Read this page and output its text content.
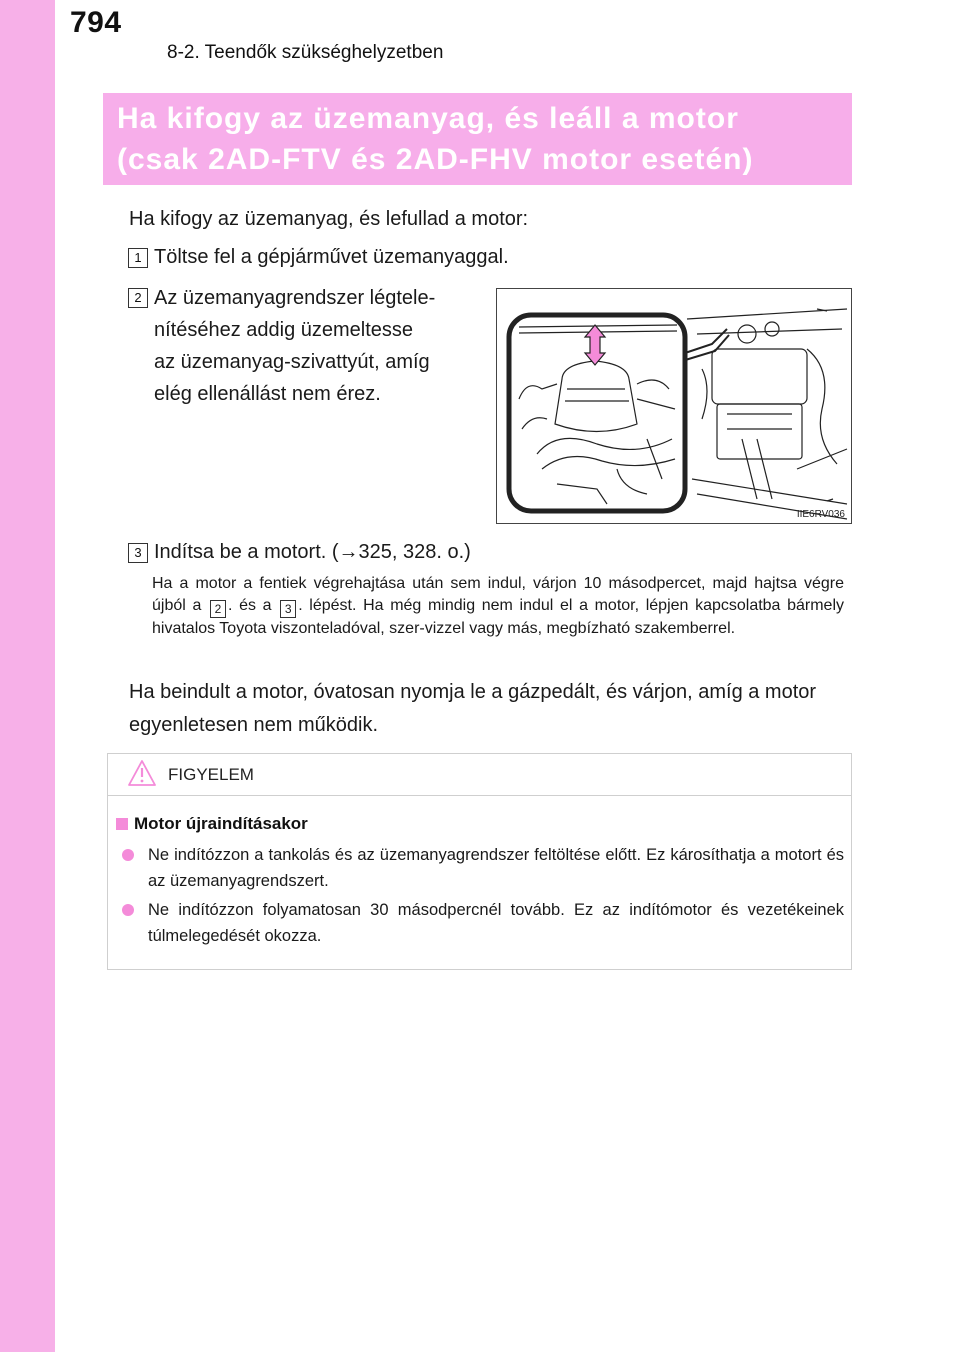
794
8-2. Teendők szükséghelyzetben
Ha kifogy az üzemanyag, és leáll a motor
(csak 2AD-FTV és 2AD-FHV motor esetén)
Ha kifogy az üzemanyag, és lefullad a motor:
1 Töltse fel a gépjárművet üzemanyaggal.
2 Az üzemanyagrendszer légtele-
nítéséhez addig üzemeltesse
az üzemanyag-szivattyút, amíg
elég ellenállást nem érez.
IIE6RV036
3 Indítsa be a motort. (→325, 328. o.)
Ha a motor a fentiek végrehajtása után sem indul, várjon 10 másodpercet, majd hajtsa végre újból a 2 . és a 3 . lépést. Ha még mindig nem indul el a motor, lépjen kapcsolatba bármely hivatalos Toyota viszonteladóval, szer-vizzel vagy más, megbízható szakemberrel.
Ha beindult a motor, óvatosan nyomja le a gázpedált, és várjon, amíg a motor egyenletesen nem működik.
FIGYELEM
Motor újraindításakor
Ne indítózzon a tankolás és az üzemanyagrendszer feltöltése előtt. Ez károsíthatja a motort és az üzemanyagrendszert.
Ne indítózzon folyamatosan 30 másodpercnél tovább. Ez az indítómotor és vezetékeinek túlmelegedését okozza.
